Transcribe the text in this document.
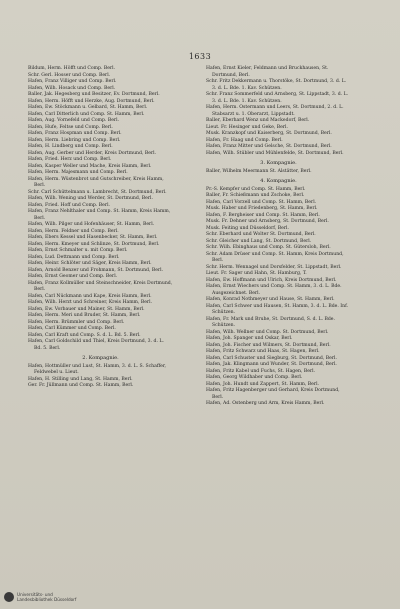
1633

Bildum, Herm. Höfft und Comp. Berl.

Schr. Gerl. Hosser und Comp. Berl.

Hafen, Franz Villiger und Comp. Berl.

Hafen, Wilh. Hosack und Comp. Berl.

Baller, Jak. Hegesberg und Besitzer, Ev. Dortmund, Berl.

Hafen, Herm. Höfft und Herzke, Aug. Dortmund, Berl.

Hafen, Ew. Stöckmann u. Gelbard, St. Hamm, Berl.

Hafen, Carl Ditterlich und Comp. St. Hamm, Berl.

Hafen, Aug. Vornefeld und Comp. Berl.

Hafen, Hufe, Feltse und Comp. Berl.

Hafen, Franz Hospman und Comp. Berl.

Hafen, Herm. Liebring und Comp. Berl.

Hafen, H. Lindberg und Comp. Berl.

Hafen, Aug. Gerber und Herder, Kreis Dortmund, Berl.

Hafen, Fried. Herz und Comp. Berl.

Hafen, Kasper Weller und Mache, Kreis Hamm, Berl.

Hafen, Herm. Majesmann und Comp. Berl.

Hafen, Herm. Wüstenbrot und Gutschreiber, Kreis Hamm, Berl.

Schr. Carl Schüttelmann u. Lambrecht, St. Dortmund, Berl.

Hafen, Wilh. Wening und Werder, St. Dortmund, Berl.

Hafen, Fried. Hoff und Comp. Berl.

Hafen, Franz Nehlthaler und Comp. St. Hamm, Kreis Hamm, Berl.

Hafen, Wilh. Pilger und Hofenhäuser, St. Hamm, Berl.

Hafen, Herm. Feldner und Comp. Berl.

Hafen, Ebers Kessel und Hasenbecker, St. Hamm, Berl.

Hafen, Herm. Kmeyer und Schlinze, St. Dortmund, Berl.

Hafen, Ernst Schmalter u. mit Comp. Berl.

Hafen, Lud. Dettmann und Comp. Berl.

Hafen, Heinr. Schlöter und Säger, Kreis Hamm, Berl.

Hafen, Arnold Benzer und Frohmann, St. Dortmund, Berl.

Hafen, Ernst Geomer und Comp. Berl.

Hafen, Franz Kollmüller und Steinschneider, Kreis Dortmund, Berl.

Hafen, Carl Nückmann und Kape, Kreis Hamm, Berl.

Hafen, Wilh. Herzt und Schreiner, Kreis Hamm, Berl.

Hafen, Ew. Vorbauer und Mainer, St. Hamm, Berl.

Hafen, Herm. Meri und Bruder, St. Hamm, Berl.

Hafen, Herm. Brümmler und Comp. Berl.

Hafen, Carl Kümmer und Comp. Berl.

Hafen, Carl Kraft und Comp. S. d. L. Bd. 5. Berl.

Hafen, Carl Goldschild und Thiel, Kreis Dortmund, 3. d. L. Bd. 5. Berl.

2. Kompagnie.

Hafen, Hottmüller und Lust, St. Hamm, 3. d. L. S. Schaffer, Feldwebel u. Lieut.

Hafen, H. Stilling und Lang, St. Hamm, Berl.

Ger. Fr. Jüllmann und Comp. St. Hamm, Berl.

Hafen, Ernst Kieler, Feldmann und Bruckhausen, St. Dortmund, Berl.

Schr. Fritz Dekkermann u. Thorstöke, St. Dortmund, 3. d. L. 3. d. L. Bde. 1. Kav. Schützen.

Schr. Franz Sommerfeld und Arnsberg, St. Lippstadt, 3. d. L. 3. d. L. Bde. 1. Kav. Schützen.

Hafen, Herm. Ostermann und Leers, St. Dortmund, 2. d. L. Stabsarzt u. 1. Oberarzt, Lippstadt.

Baller, Eberhard Wenz und Mackedorf, Berl.

Lieut. Fr. Hesinger und Geke, Berl.

Musk. Kranzkopf und Kaiserberg, St. Dortmund, Berl.

Hafen, Fr. Haag und Comp. Berl.

Hafen, Franz Mitter und Gelsche, St. Dortmund, Berl.

Hafen, Wilh. Stübler und Mühlenfelde, St. Dortmund, Berl.

3. Kompagnie.

Baller, Wilhelm Meermann St. Alstätter, Berl.

4. Kompagnie.

Pr.-S. Kempfer und Comp. St. Hamm, Berl.

Baller, Fr. Schießmann und Zschoke, Berl.

Hafen, Carl Vorzell und Comp. St. Hamm, Berl.

Musk. Haber und Friedenberg, St. Hamm, Berl.

Hafen, F. Bergheiser und Comp. St. Hamm, Berl.

Musk. Fr. Dehner und Arnsberg, St. Dortmund, Berl.

Musk. Feiting und Düsseldorf, Berl.

Schr. Eberhard und Wolter St. Dortmund, Berl.

Schr. Gleicher und Lang, St. Dortmund, Berl.

Schr. Wilh. Ebinghaus und Comp. St. Gütersloh, Berl.

Schr. Adam Drüser und Comp. St. Hamm, Kreis Dortmund, Berl.

Schr. Herm. Wennagel und Dorsfelder, St. Lippstadt, Berl.

Lieut. Fr. Sager und Hahn, St. Hamburg, T.

Hafen, Ew. Hoffmann und Ulrich, Kreis Dortmund, Berl.

Hafen, Ernst Wiechers und Comp. St. Hamm, 3. d. L. Bde. Ausgezeichnet. Berl.

Hafen, Konrad Nothmeyer und Hause, St. Hamm, Berl.

Hafen, Carl Schwer und Hausen, St. Hamm, 3. d. L. Bde. Inf. Schützen.

Hafen, Fr. Mark und Bruhe, St. Dortmund, S. d. L. Bde. Schützen.

Hafen, Wilh. Wellner und Comp. St. Dortmund, Berl.

Hafen, Joh. Spanger und Oskar, Berl.

Hafen, Joh. Fischer und Wilmers, St. Dortmund, Berl.

Hafen, Fritz Schwarz und Haas, St. Hagen, Berl.

Hafen, Carl Schuster und Siegburg, St. Dortmund, Berl.

Hafen, Jak. Klingmann und Wunder, St. Dortmund, Berl.

Hafen, Fritz Kabel und Fuchs, St. Hagen, Berl.

Hafen, Georg Wildhaber und Comp. Berl.

Hafen, Joh. Hundt und Zappert, St. Hamm, Berl.

Hafen, Fritz Hagenberger und Gerhard, Kreis Dortmund, Berl.

Hafen, Ad. Ostenberg und Arm, Kreis Hamm, Berl.

Universitäts- und
Landesbibliothek Düsseldorf
